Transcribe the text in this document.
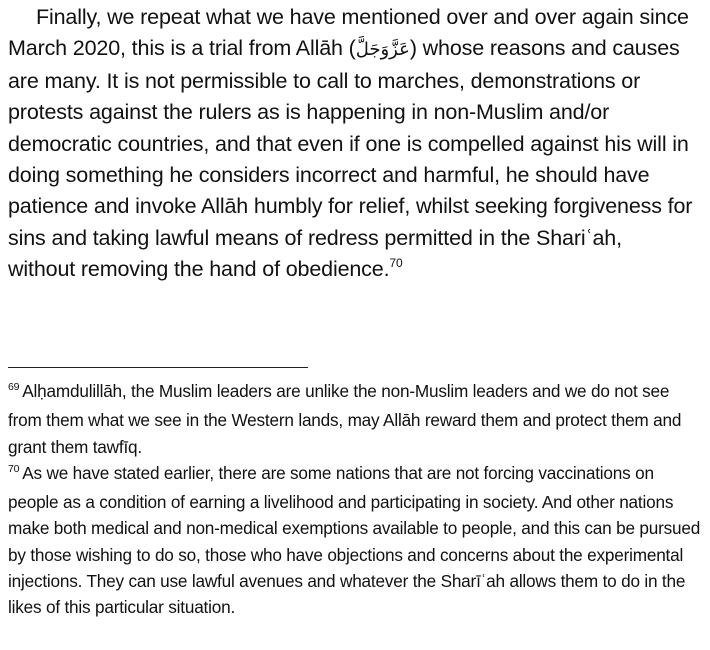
Finally, we repeat what we have mentioned over and over again since March 2020, this is a trial from Allāh (عَزَّوَجَلَّ) whose reasons and causes are many. It is not permissible to call to marches, demonstrations or protests against the rulers as is happening in non-Muslim and/or democratic countries, and that even if one is compelled against his will in doing something he considers incorrect and harmful, he should have patience and invoke Allāh humbly for relief, whilst seeking forgiveness for sins and taking lawful means of redress permitted in the Shariʿah, without removing the hand of obedience.$^{70}$

$^{69}$ Alḥamdulillāh, the Muslim leaders are unlike the non-Muslim leaders and we do not see from them what we see in the Western lands, may Allāh reward them and protect them and grant them tawfīq.

$^{70}$ As we have stated earlier, there are some nations that are not forcing vaccinations on people as a condition of earning a livelihood and participating in society. And other nations make both medical and non-medical exemptions available to people, and this can be pursued by those wishing to do so, those who have objections and concerns about the experimental injections. They can use lawful avenues and whatever the Sharīʿah allows them to do in the likes of this particular situation.
